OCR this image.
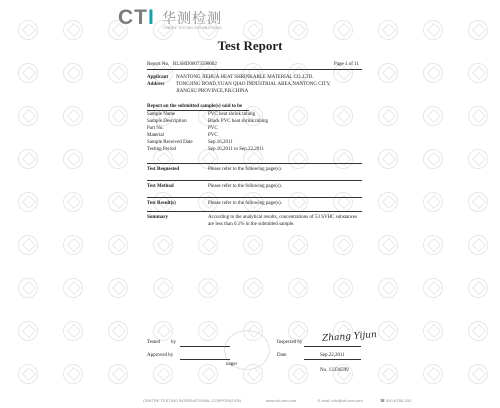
CTI 华测检测
CENTRE TESTING INTERNATIONAL
Test Report
Report No. RLSHD00073590002	Page 1 of 11
Applicant NANTONG JIEHUA HEAT SHRINKABLE MATERIAL CO.,LTD.
Address TONGJING ROAD,YUAN QIAO INDUSTRIAL AREA,NANTONG CITY,
JIANGSU PROVINCE,P.R.CHINA
Report on the submitted sample(s) said to be
Sample Name	PVC heat shrink tubing
Sample Description	Black PVC heat shrink tubing
Part No.	PVC
Material	PVC
Sample Received Date	Sep.16,2011
Testing Period	Sep.16,2011 to Sep.22,2011
Test Requested	Please refer to the following page(s).
Test Method	Please refer to the following page(s).
Test Result(s)	Please refer to the following page(s).
Summary	According to the analytical results, concentrations of 53 SVHC substances
are less than 0.1% in the submitted sample.
Tested by	Inspected by Zhang Yijun
Approved by	Date	Sep.22,2011
nager
No. 13336599
CENTRE TESTING INTERNATIONAL CORPORATION	www.cti-cert.com	E-mail: info@cti-cert.com	☎ 400-6788-333
